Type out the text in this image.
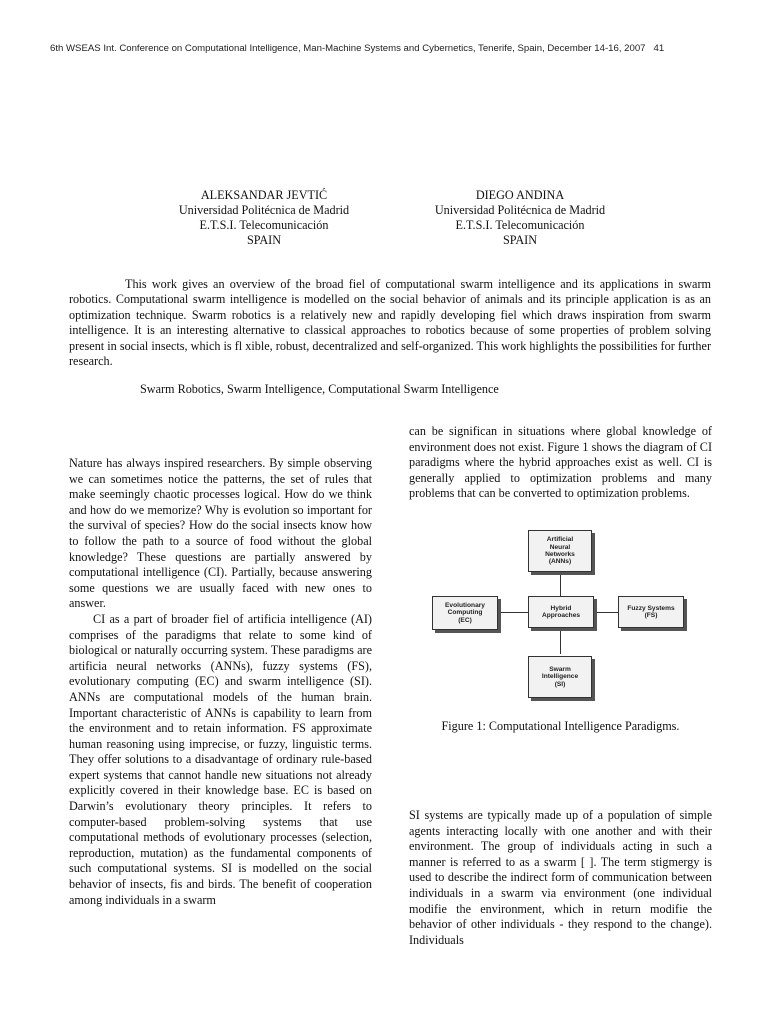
6th WSEAS Int. Conference on Computational Intelligence, Man-Machine Systems and Cybernetics, Tenerife, Spain, December 14-16, 2007 41
ALEKSANDAR JEVTIĆ
Universidad Politécnica de Madrid
E.T.S.I. Telecomunicación
SPAIN
DIEGO ANDINA
Universidad Politécnica de Madrid
E.T.S.I. Telecomunicación
SPAIN
This work gives an overview of the broad fiel of computational swarm intelligence and its applications in swarm robotics. Computational swarm intelligence is modelled on the social behavior of animals and its principle application is as an optimization technique. Swarm robotics is a relatively new and rapidly developing fiel which draws inspiration from swarm intelligence. It is an interesting alternative to classical approaches to robotics because of some properties of problem solving present in social insects, which is fl xible, robust, decentralized and self-organized. This work highlights the possibilities for further research.
Swarm Robotics, Swarm Intelligence, Computational Swarm Intelligence

Nature has always inspired researchers. By simple observing we can sometimes notice the patterns, the set of rules that make seemingly chaotic processes logical. How do we think and how do we memorize? Why is evolution so important for the survival of species? How do the social insects know how to follow the path to a source of food without the global knowledge? These questions are partially answered by computational intelligence (CI). Partially, because answering some questions we are usually faced with new ones to answer.

CI as a part of broader fiel of artificia intelligence (AI) comprises of the paradigms that relate to some kind of biological or naturally occurring system. These paradigms are artificia neural networks (ANNs), fuzzy systems (FS), evolutionary computing (EC) and swarm intelligence (SI). ANNs are computational models of the human brain. Important characteristic of ANNs is capability to learn from the environment and to retain information. FS approximate human reasoning using imprecise, or fuzzy, linguistic terms. They offer solutions to a disadvantage of ordinary rule-based expert systems that cannot handle new situations not already explicitly covered in their knowledge base. EC is based on Darwin’s evolutionary theory principles. It refers to computer-based problem-solving systems that use computational methods of evolutionary processes (selection, reproduction, mutation) as the fundamental components of such computational systems. SI is modelled on the social behavior of insects, fis and birds. The benefit of cooperation among individuals in a swarm

can be significan in situations where global knowledge of environment does not exist. Figure 1 shows the diagram of CI paradigms where the hybrid approaches exist as well. CI is generally applied to optimization problems and many problems that can be converted to optimization problems.
Artificial
Neural
Networks
(ANNs)
Evolutionary
Computing
(EC)
Hybrid
Approaches
Fuzzy Systems
(FS)
Swarm
Intelligence
(SI)
Figure 1: Computational Intelligence Paradigms.
SI systems are typically made up of a population of simple agents interacting locally with one another and with their environment. The group of individuals acting in such a manner is referred to as a swarm [ ]. The term stigmergy is used to describe the indirect form of communication between individuals in a swarm via environment (one individual modifie the environment, which in return modifie the behavior of other individuals - they respond to the change). Individuals
